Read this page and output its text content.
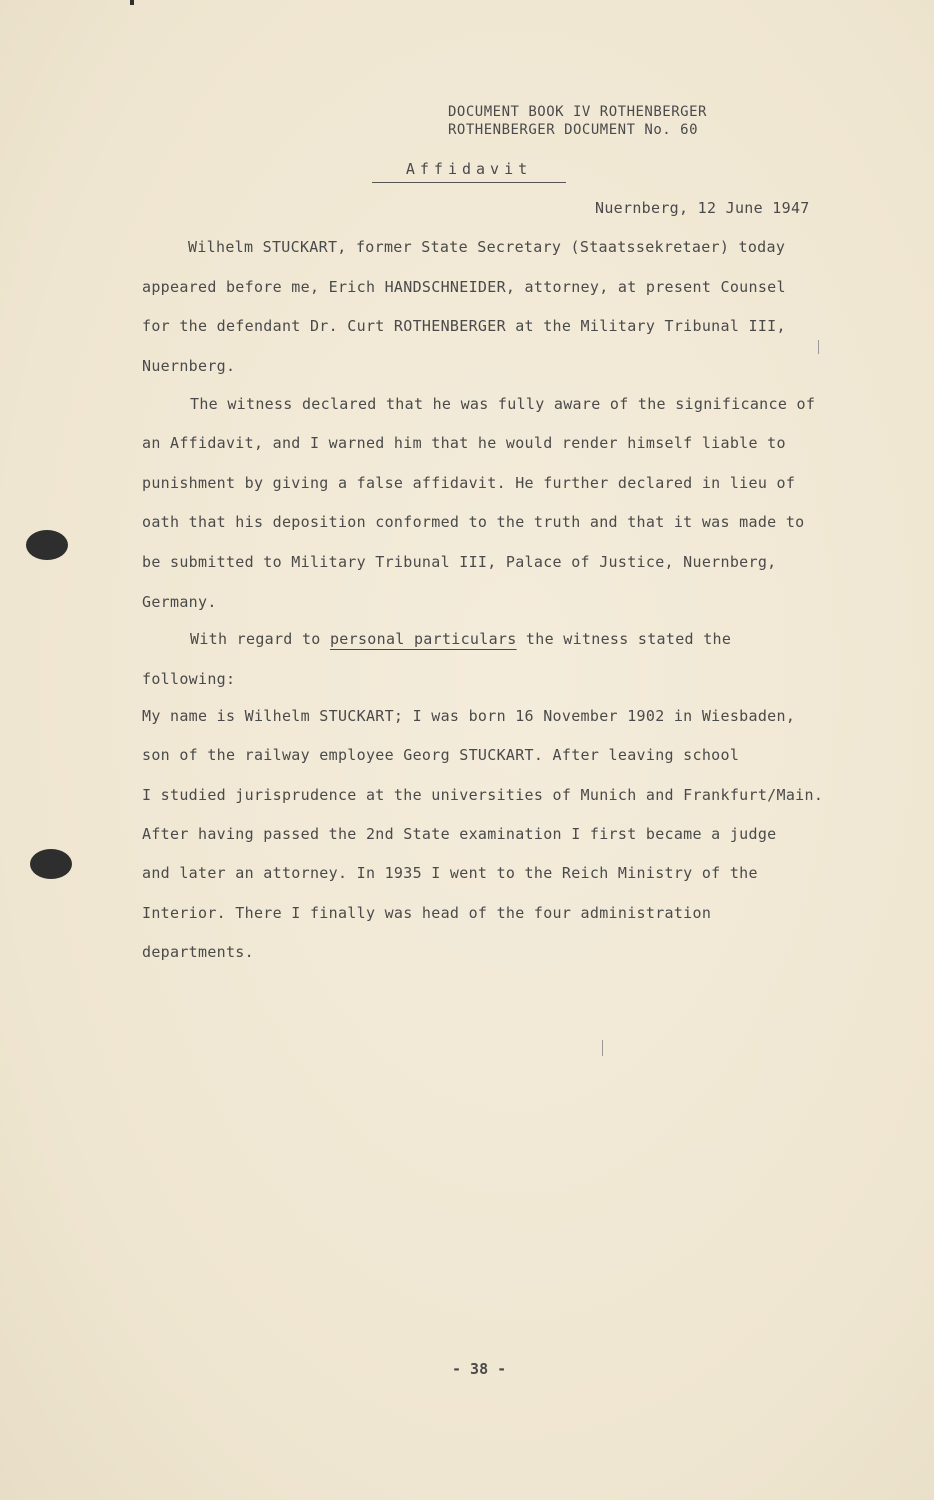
DOCUMENT BOOK IV ROTHENBERGER
ROTHENBERGER DOCUMENT No. 60
Affidavit
Nuernberg, 12 June 1947
Wilhelm STUCKART, former State Secretary (Staatssekretaer) today
appeared before me, Erich HANDSCHNEIDER, attorney, at present Counsel
for the defendant Dr. Curt ROTHENBERGER at the Military Tribunal III,
Nuernberg.
The witness declared that he was fully aware of the significance of
an Affidavit, and I warned him that he would render himself liable to
punishment by giving a false affidavit. He further declared in lieu of
oath that his deposition conformed to the truth and that it was made to
be submitted to Military Tribunal III, Palace of Justice, Nuernberg,
Germany.
With regard to personal particulars the witness stated the
following:
My name is Wilhelm STUCKART; I was born 16 November 1902 in Wiesbaden,
son of the railway employee Georg STUCKART. After leaving school
I studied jurisprudence at the universities of Munich and Frankfurt/Main.
After having passed the 2nd State examination I first became a judge
and later an attorney. In 1935 I went to the Reich Ministry of the
Interior. There I finally was head of the four administration
departments.
- 38 -
